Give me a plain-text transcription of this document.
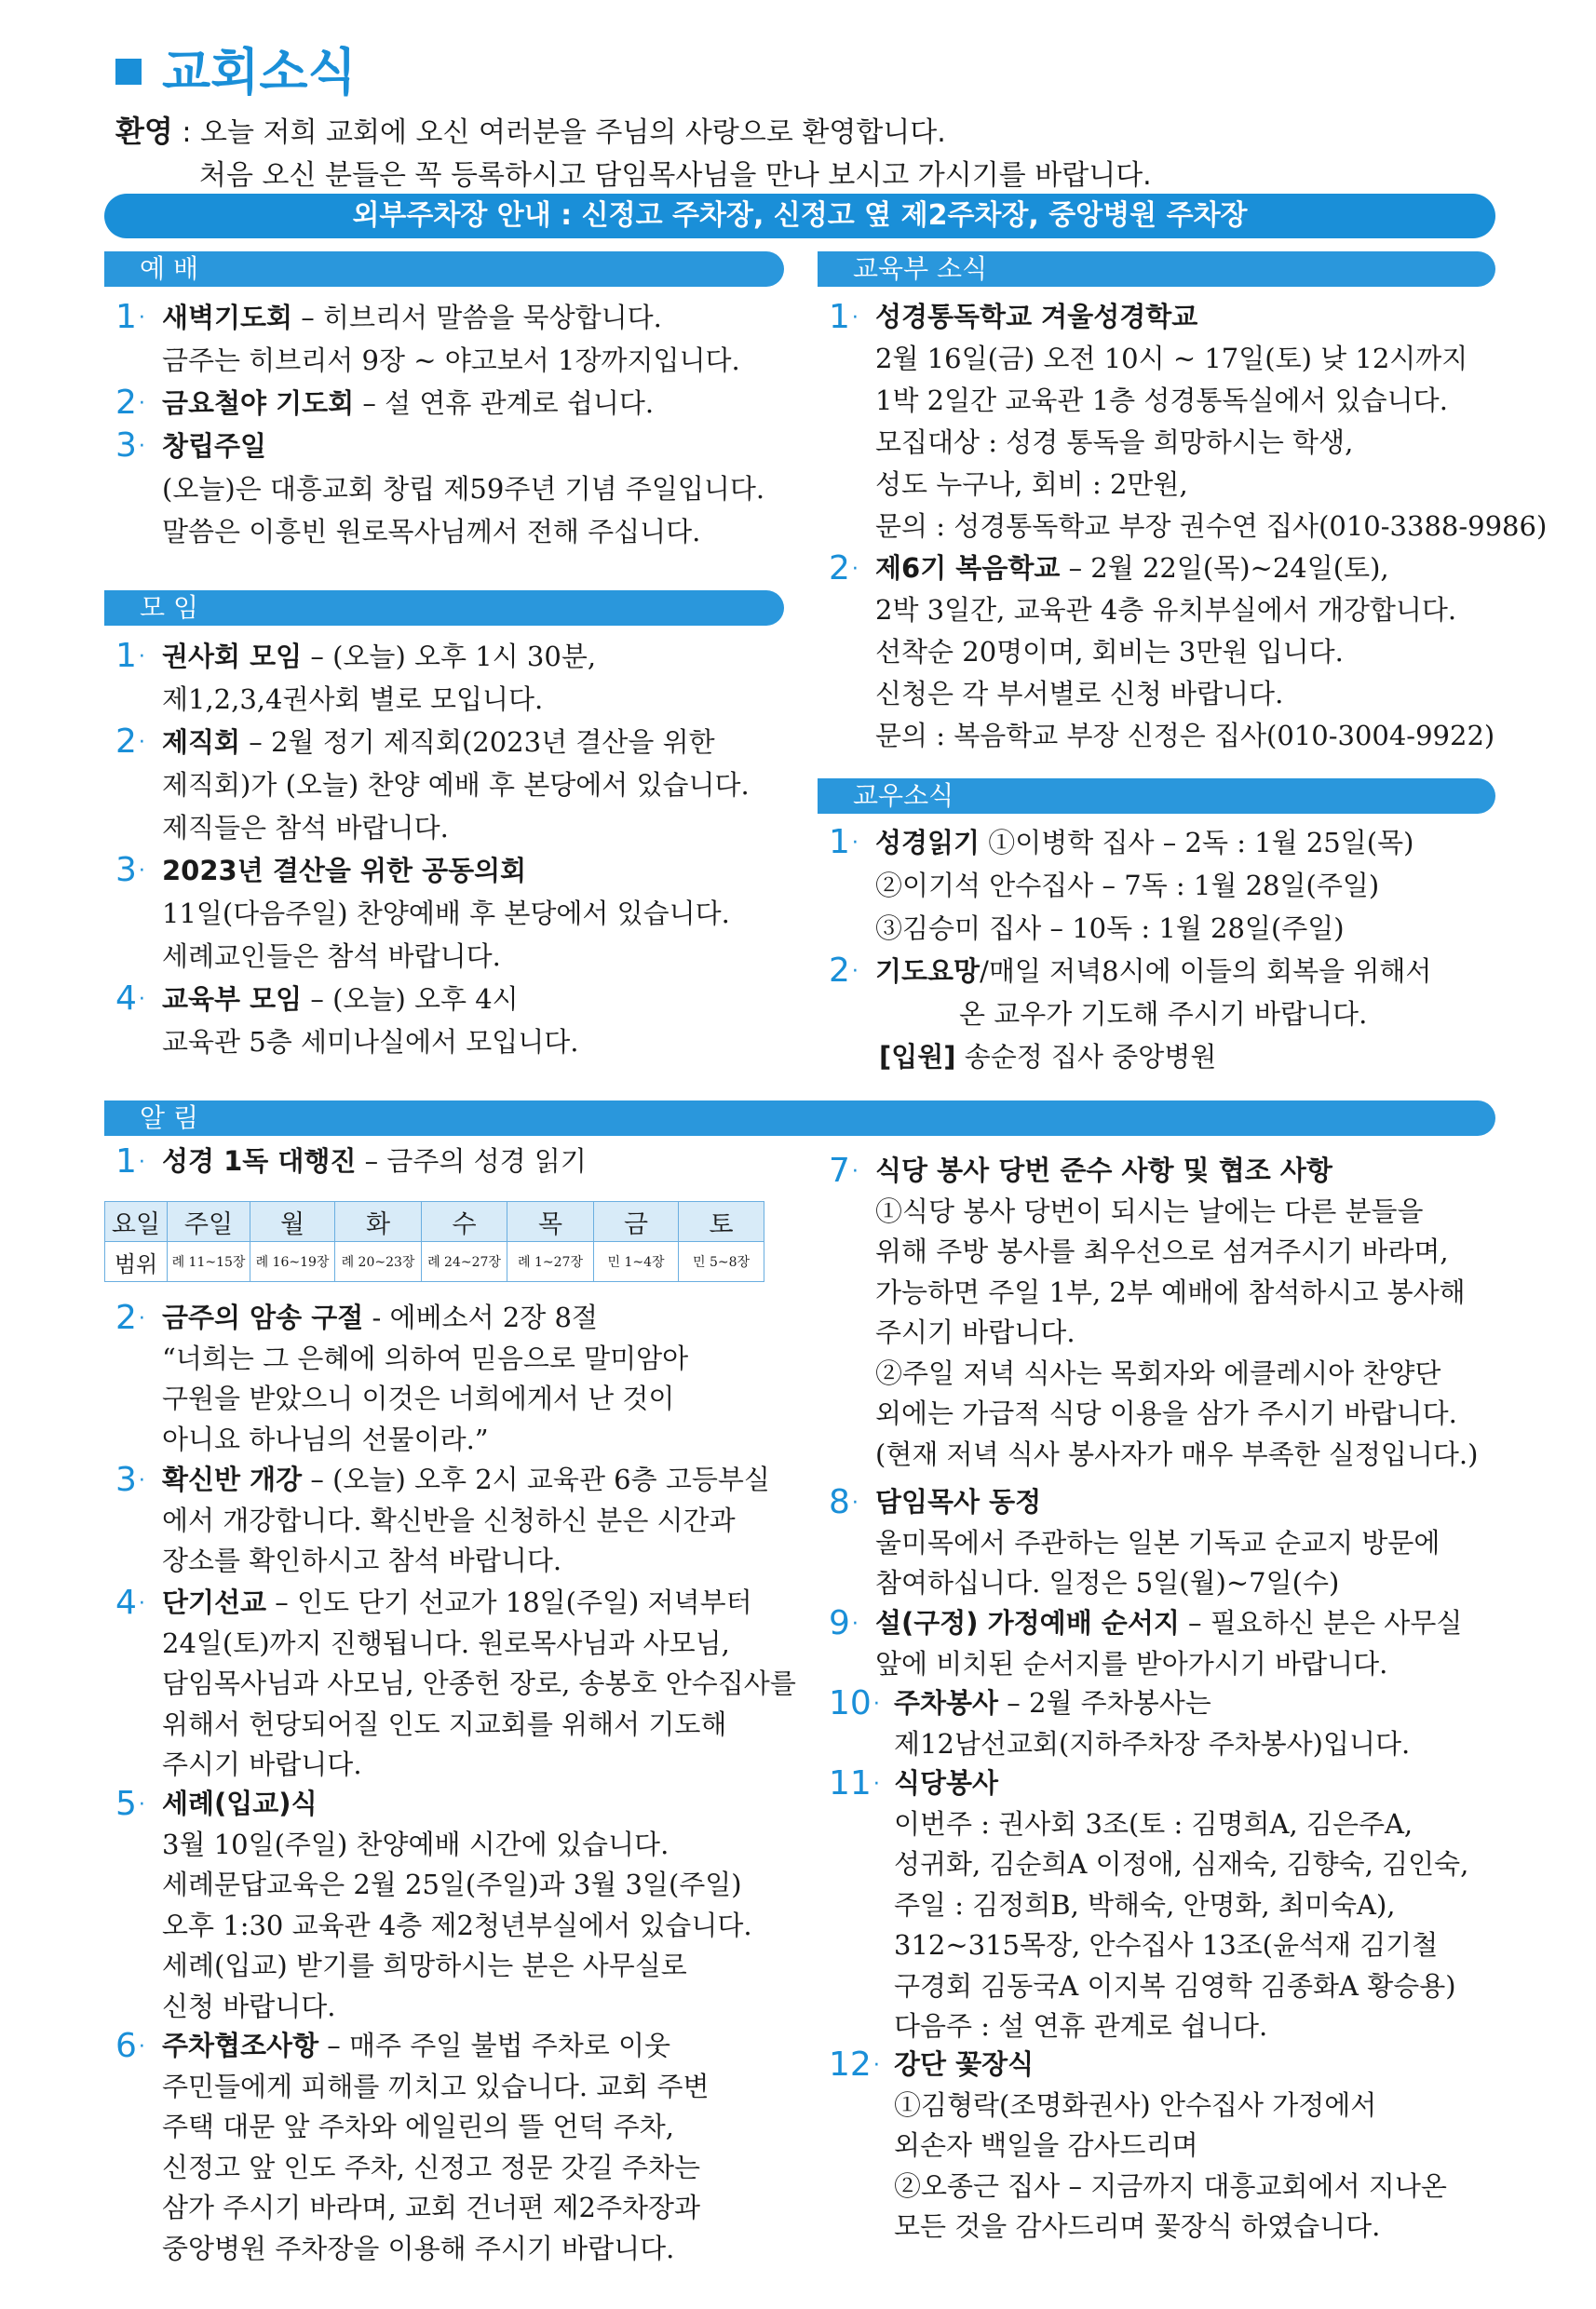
교회소식
환영 : 오늘 저희 교회에 오신 여러분을 주님의 사랑으로 환영합니다.
처음 오신 분들은 꼭 등록하시고 담임목사님을 만나 보시고 가시기를 바랍니다.
외부주차장 안내 : 신정고 주차장, 신정고 옆 제2주차장, 중앙병원 주차장
예 배	교육부 소식
모 임
교우소식
알 림
1· 새벽기도회 – 히브리서 말씀을 묵상합니다.
금주는 히브리서 9장 ~ 야고보서 1장까지입니다.
2· 금요철야 기도회 – 설 연휴 관계로 쉽니다.
3· 창립주일
(오늘)은 대흥교회 창립 제59주년 기념 주일입니다.
말씀은 이흥빈 원로목사님께서 전해 주십니다.
1· 권사회 모임 – (오늘) 오후 1시 30분,
제1,2,3,4권사회 별로 모입니다.
2· 제직회 – 2월 정기 제직회(2023년 결산을 위한
제직회)가 (오늘) 찬양 예배 후 본당에서 있습니다.
제직들은 참석 바랍니다.
3· 2023년 결산을 위한 공동의회
11일(다음주일) 찬양예배 후 본당에서 있습니다.
세례교인들은 참석 바랍니다.
4· 교육부 모임 – (오늘) 오후 4시
교육관 5층 세미나실에서 모입니다.
1· 성경통독학교 겨울성경학교
2월 16일(금) 오전 10시 ~ 17일(토) 낮 12시까지
1박 2일간 교육관 1층 성경통독실에서 있습니다.
모집대상 : 성경 통독을 희망하시는 학생,
성도 누구나, 회비 : 2만원,
문의 : 성경통독학교 부장 권수연 집사(010-3388-9986)
2· 제6기 복음학교 – 2월 22일(목)~24일(토),
2박 3일간, 교육관 4층 유치부실에서 개강합니다.
선착순 20명이며, 회비는 3만원 입니다.
신청은 각 부서별로 신청 바랍니다.
문의 : 복음학교 부장 신정은 집사(010-3004-9922)
1· 성경읽기 ①이병학 집사 – 2독 : 1월 25일(목)
②이기석 안수집사 – 7독 : 1월 28일(주일)
③김승미 집사 – 10독 : 1월 28일(주일)
2· 기도요망/매일 저녁8시에 이들의 회복을 위해서
온 교우가 기도해 주시기 바랍니다.
[입원] 송순정 집사 중앙병원
1· 성경 1독 대행진 – 금주의 성경 읽기
2· 금주의 암송 구절 - 에베소서 2장 8절
“너희는 그 은혜에 의하여 믿음으로 말미암아
구원을 받았으니 이것은 너희에게서 난 것이
아니요 하나님의 선물이라.”
3· 확신반 개강 – (오늘) 오후 2시 교육관 6층 고등부실
에서 개강합니다. 확신반을 신청하신 분은 시간과
장소를 확인하시고 참석 바랍니다.
4· 단기선교 – 인도 단기 선교가 18일(주일) 저녁부터
24일(토)까지 진행됩니다. 원로목사님과 사모님,
담임목사님과 사모님, 안종헌 장로, 송봉호 안수집사를
위해서 헌당되어질 인도 지교회를 위해서 기도해
주시기 바랍니다.
5· 세례(입교)식
3월 10일(주일) 찬양예배 시간에 있습니다.
세례문답교육은 2월 25일(주일)과 3월 3일(주일)
오후 1:30 교육관 4층 제2청년부실에서 있습니다.
세례(입교) 받기를 희망하시는 분은 사무실로
신청 바랍니다.
6· 주차협조사항 – 매주 주일 불법 주차로 이웃
주민들에게 피해를 끼치고 있습니다. 교회 주변
주택 대문 앞 주차와 에일린의 뜰 언덕 주차,
신정고 앞 인도 주차, 신정고 정문 갓길 주차는
삼가 주시기 바라며, 교회 건너편 제2주차장과
중앙병원 주차장을 이용해 주시기 바랍니다.
7· 식당 봉사 당번 준수 사항 및 협조 사항
①식당 봉사 당번이 되시는 날에는 다른 분들을
위해 주방 봉사를 최우선으로 섬겨주시기 바라며,
가능하면 주일 1부, 2부 예배에 참석하시고 봉사해
주시기 바랍니다.
②주일 저녁 식사는 목회자와 에클레시아 찬양단
외에는 가급적 식당 이용을 삼가 주시기 바랍니다.
(현재 저녁 식사 봉사자가 매우 부족한 실정입니다.)
8· 담임목사 동정
울미목에서 주관하는 일본 기독교 순교지 방문에
참여하십니다. 일정은 5일(월)~7일(수)
9· 설(구정) 가정예배 순서지 – 필요하신 분은 사무실
앞에 비치된 순서지를 받아가시기 바랍니다.
10· 주차봉사 – 2월 주차봉사는
제12남선교회(지하주차장 주차봉사)입니다.
11· 식당봉사
이번주 : 권사회 3조(토 : 김명희A, 김은주A,
성귀화, 김순희A 이정애, 심재숙, 김향숙, 김인숙,
주일 : 김정희B, 박해숙, 안명화, 최미숙A),
312~315목장, 안수집사 13조(윤석재 김기철
구경회 김동국A 이지복 김영학 김종화A 황승용)
다음주 : 설 연휴 관계로 쉽니다.
12· 강단 꽃장식
①김형락(조명화권사) 안수집사 가정에서
외손자 백일을 감사드리며
②오종근 집사 – 지금까지 대흥교회에서 지나온
모든 것을 감사드리며 꽃장식 하였습니다.
요일	주일	월	화	수	목	금	토
범위	례 11~15장	례 16~19장	례 20~23장	례 24~27장	례 1~27장	민 1~4장	민 5~8장
